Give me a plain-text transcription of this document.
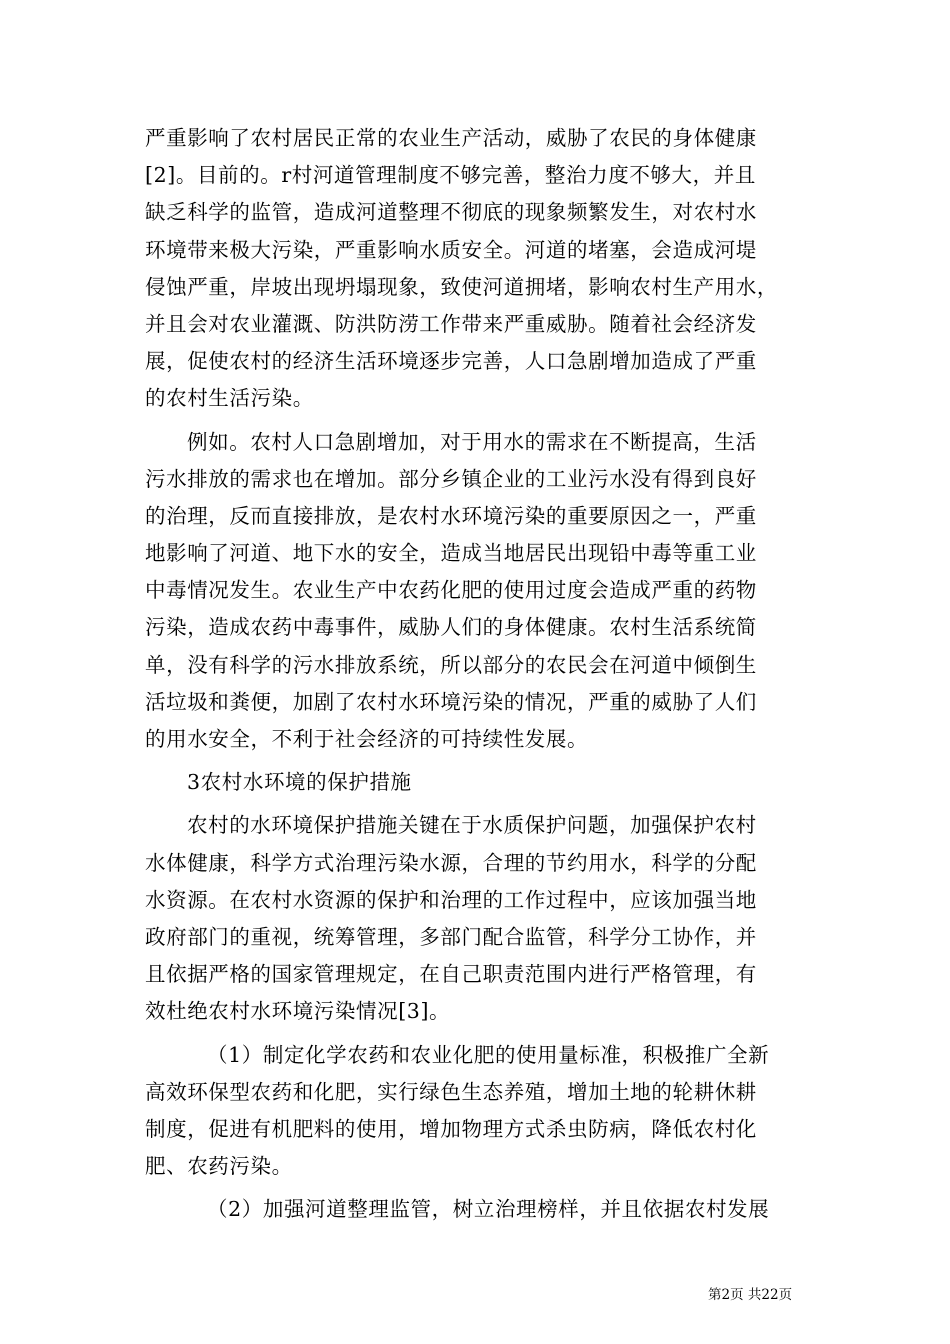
严重影响了农村居民正常的农业生产活动，威胁了农民的身体健康
[2]。目前的。r村河道管理制度不够完善，整治力度不够大，并且
缺乏科学的监管，造成河道整理不彻底的现象频繁发生，对农村水
环境带来极大污染，严重影响水质安全。河道的堵塞，会造成河堤
侵蚀严重，岸坡出现坍塌现象，致使河道拥堵，影响农村生产用水，
并且会对农业灌溉、防洪防涝工作带来严重威胁。随着社会经济发
展，促使农村的经济生活环境逐步完善，人口急剧增加造成了严重
的农村生活污染。
例如。农村人口急剧增加，对于用水的需求在不断提高，生活
污水排放的需求也在增加。部分乡镇企业的工业污水没有得到良好
的治理，反而直接排放，是农村水环境污染的重要原因之一，严重
地影响了河道、地下水的安全，造成当地居民出现铅中毒等重工业
中毒情况发生。农业生产中农药化肥的使用过度会造成严重的药物
污染，造成农药中毒事件，威胁人们的身体健康。农村生活系统简
单，没有科学的污水排放系统，所以部分的农民会在河道中倾倒生
活垃圾和粪便，加剧了农村水环境污染的情况，严重的威胁了人们
的用水安全，不利于社会经济的可持续性发展。
3农村水环境的保护措施
农村的水环境保护措施关键在于水质保护问题，加强保护农村
水体健康，科学方式治理污染水源，合理的节约用水，科学的分配
水资源。在农村水资源的保护和治理的工作过程中，应该加强当地
政府部门的重视，统筹管理，多部门配合监管，科学分工协作，并
且依据严格的国家管理规定，在自己职责范围内进行严格管理，有
效杜绝农村水环境污染情况[3]。
（1）制定化学农药和农业化肥的使用量标准，积极推广全新
高效环保型农药和化肥，实行绿色生态养殖，增加土地的轮耕休耕
制度，促进有机肥料的使用，增加物理方式杀虫防病，降低农村化
肥、农药污染。
（2）加强河道整理监管，树立治理榜样，并且依据农村发展
第2页 共22页
